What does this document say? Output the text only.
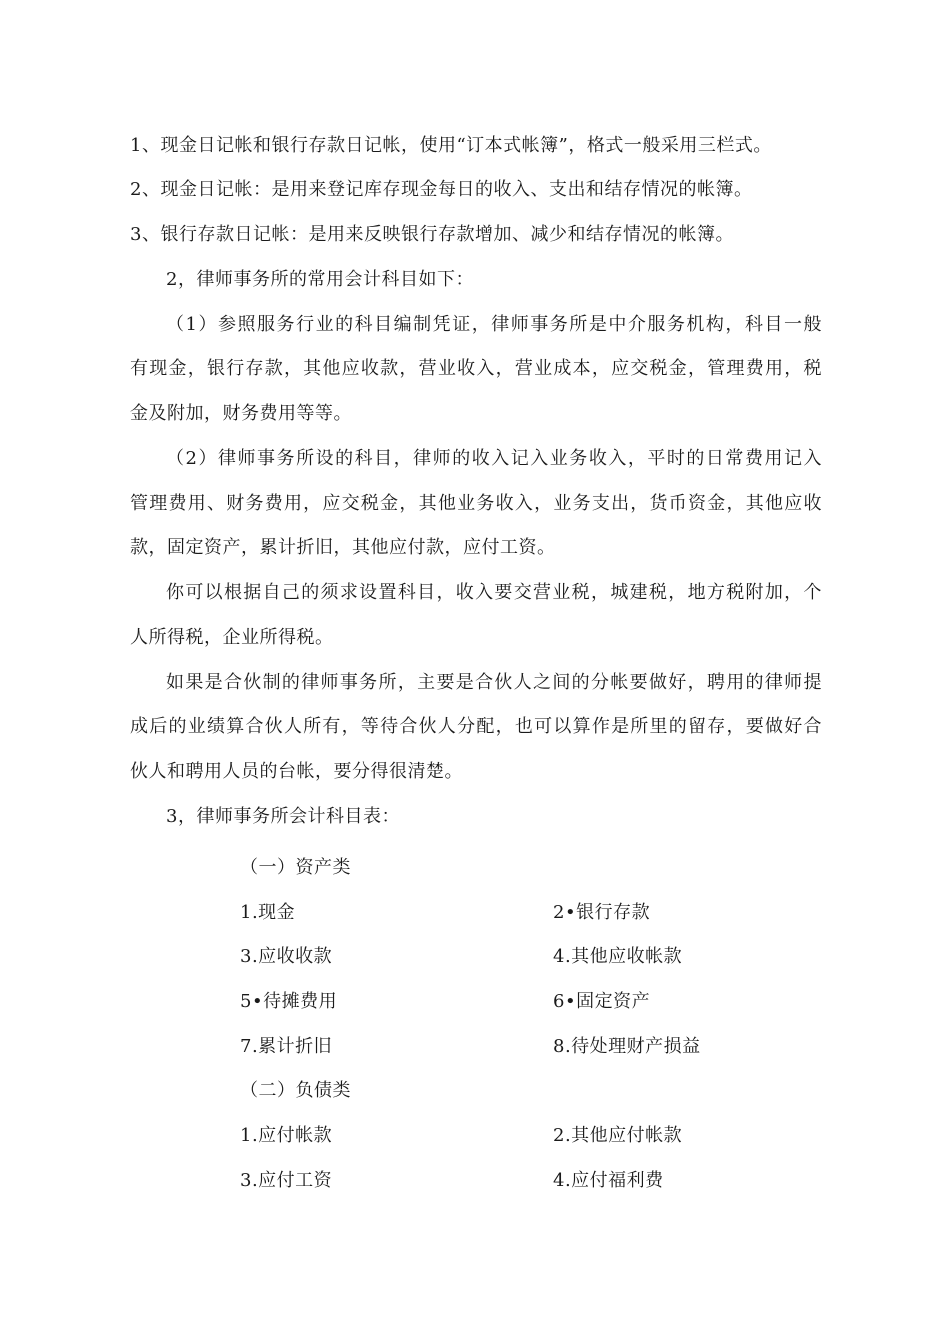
1、现金日记帐和银行存款日记帐，使用“订本式帐簿”，格式一般采用三栏式。
2、现金日记帐：是用来登记库存现金每日的收入、支出和结存情况的帐簿。
3、银行存款日记帐：是用来反映银行存款增加、减少和结存情况的帐簿。
2，律师事务所的常用会计科目如下：
（1）参照服务行业的科目编制凭证，律师事务所是中介服务机构，科目一般
有现金，银行存款，其他应收款，营业收入，营业成本，应交税金，管理费用，税
金及附加，财务费用等等。
（2）律师事务所设的科目，律师的收入记入业务收入，平时的日常费用记入
管理费用、财务费用，应交税金，其他业务收入，业务支出，货币资金，其他应收
款，固定资产，累计折旧，其他应付款，应付工资。
你可以根据自己的须求设置科目，收入要交营业税，城建税，地方税附加，个
人所得税，企业所得税。
如果是合伙制的律师事务所，主要是合伙人之间的分帐要做好，聘用的律师提
成后的业绩算合伙人所有，等待合伙人分配，也可以算作是所里的留存，要做好合
伙人和聘用人员的台帐，要分得很清楚。
3，律师事务所会计科目表：
（一）资产类
1.现金	2•银行存款
3.应收收款	4.其他应收帐款
5•待摊费用	6•固定资产
7.累计折旧	8.待处理财产损益
（二）负债类
1.应付帐款	2.其他应付帐款
3.应付工资	4.应付福利费
